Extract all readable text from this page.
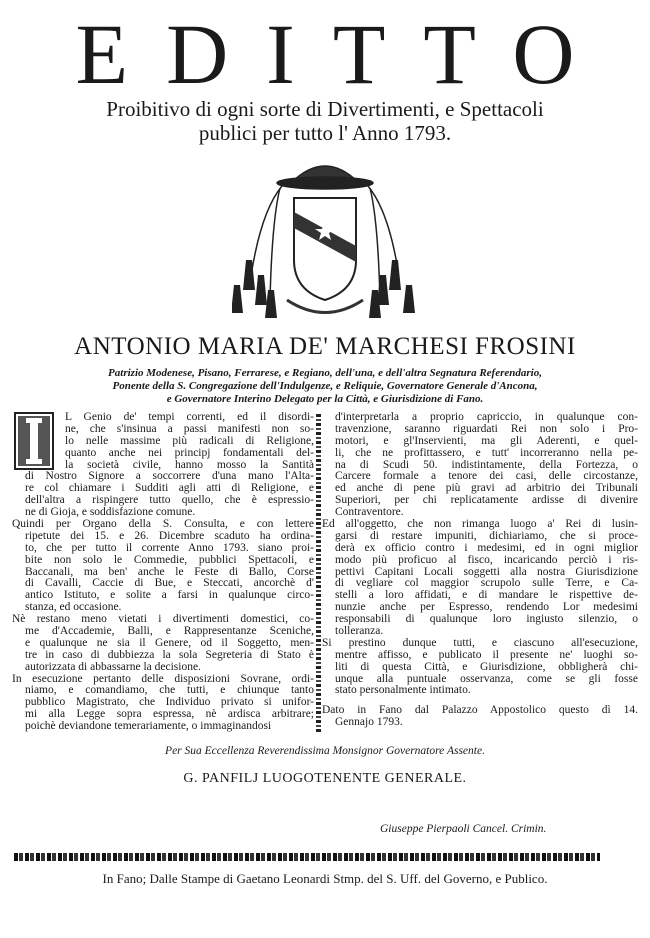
EDITTO
Proibitivo di ogni sorte di Divertimenti, e Spettacoli
publici per tutto l' Anno 1793.
ANTONIO MARIA DE' MARCHESI FROSINI
Patrizio Modenese, Pisano, Ferrarese, e Regiano, dell'una, e dell'altra Segnatura Referendario,
Ponente della S. Congregazione dell'Indulgenze, e Reliquie, Governatore Generale d'Ancona,
e Governatore Interino Delegato per la Città, e Giurisdizione di Fano.
L Genio de' tempi correnti, ed il disordi-
ne, che s'insinua a passi manifesti non so-
lo nelle massime più radicali di Religione,
quanto anche nei principj fondamentali del-
la società civile, hanno mosso la Santità
di Nostro Signore a soccorrere d'una mano l'Alta-
re col chiamare i Sudditi agli atti di Religione, e
dell'altra a rispingere tutto quello, che è espressio-
ne di Gioja, e soddisfazione comune.
Quindi per Organo della S. Consulta, e con lettere
ripetute dei 15. e 26. Dicembre scaduto ha ordina-
to, che per tutto il corrente Anno 1793. siano proi-
bite non solo le Commedie, pubblici Spettacoli, e
Baccanali, ma ben' anche le Feste di Ballo, Corse
di Cavalli, Caccie di Bue, e Steccati, ancorchè d'
antico Istituto, e solite a farsi in qualunque circo-
stanza, ed occasione.
Nè restano meno vietati i divertimenti domestici, co-
me d'Accademie, Balli, e Rappresentanze Sceniche,
e qualunque ne sia il Genere, od il Soggetto, men-
tre in caso di dubbiezza la sola Segreteria di Stato è
autorizzata di abbassarne la decisione.
In esecuzione pertanto delle disposizioni Sovrane, ordi-
niamo, e comandiamo, che tutti, e chiunque tanto
pubblico Magistrato, che Individuo privato si unifor-
mi alla Legge sopra espressa, nè ardisca arbitrare;
poichè deviandone temerariamente, o immaginandosi
d'interpretarla a proprio capriccio, in qualunque con-
travenzione, saranno riguardati Rei non solo i Pro-
motori, e gl'Inservienti, ma gli Aderenti, e quel-
li, che ne profittassero, e tutt' incorreranno nella pe-
na di Scudi 50. indistintamente, della Fortezza, o
Carcere formale a tenore dei casi, delle circostanze,
ed anche di pene più gravi ad arbitrio dei Tribunali
Superiori, per chi replicatamente ardisse di divenire
Contraventore.
Ed all'oggetto, che non rimanga luogo a' Rei di lusin-
garsi di restare impuniti, dichiariamo, che si proce-
derà ex officio contro i medesimi, ed in ogni miglior
modo più proficuo al fisco, incaricando perciò i ris-
pettivi Capitani Locali soggetti alla nostra Giurisdizione
di vegliare col maggior scrupolo sulle Terre, e Ca-
stelli a loro affidati, e di mandare le rispettive de-
nunzie anche per Espresso, rendendo Lor medesimi
responsabili di qualunque loro ingiusto silenzio, o
tolleranza.
Si prestino dunque tutti, e ciascuno all'esecuzione,
mentre affisso, e publicato il presente ne' luoghi so-
liti di questa Città, e Giurisdizione, obbligherà chi-
unque alla puntuale osservanza, come se gli fosse
stato personalmente intimato.
Dato in Fano dal Palazzo Appostolico questo dì 14.
Gennajo 1793.
Per Sua Eccellenza Reverendissima Monsignor Governatore Assente.
G. PANFILJ LUOGOTENENTE GENERALE.
Giuseppe Pierpaoli Cancel. Crimin.
In Fano; Dalle Stampe di Gaetano Leonardi Stmp. del S. Uff. del Governo, e Publico.
